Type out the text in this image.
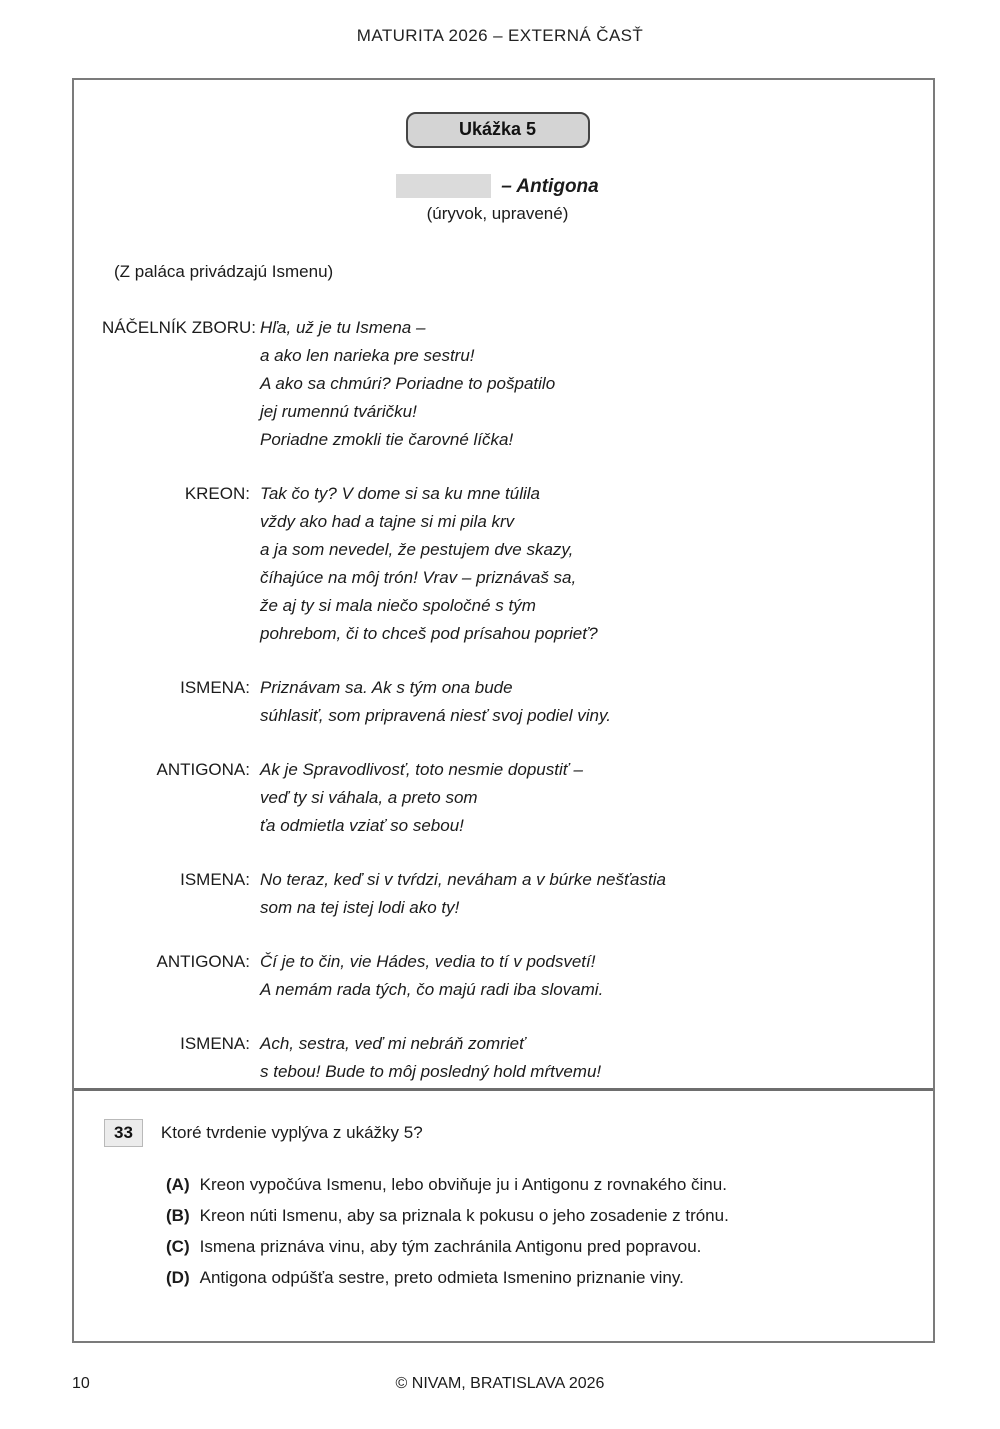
MATURITA 2026 – EXTERNÁ ČASŤ
Ukážka 5
– Antigona
(úryvok, upravené)
(Z paláca privádzajú Ismenu)
NÁČELNÍK ZBORU: Hľa, už je tu Ismena –
a ako len narieka pre sestru!
A ako sa chmúri? Poriadne to pošpatilo
jej rumennú tváričku!
Poriadne zmokli tie čarovné líčka!
KREON: Tak čo ty? V dome si sa ku mne túlila
vždy ako had a tajne si mi pila krv
a ja som nevedel, že pestujem dve skazy,
číhajúce na môj trón! Vrav – priznávaš sa,
že aj ty si mala niečo spoločné s tým
pohrebom, či to chceš pod prísahou poprieť?
ISMENA: Priznávam sa. Ak s tým ona bude
súhlasiť, som pripravená niesť svoj podiel viny.
ANTIGONA: Ak je Spravodlivosť, toto nesmie dopustiť –
veď ty si váhala, a preto som
ťa odmietla vziať so sebou!
ISMENA: No teraz, keď si v tvŕdzi, neváham a v búrke nešťastia
som na tej istej lodi ako ty!
ANTIGONA: Čí je to čin, vie Hádes, vedia to tí v podsvetí!
A nemám rada tých, čo majú radi iba slovami.
ISMENA: Ach, sestra, veď mi nebráň zomrieť
s tebou! Bude to môj posledný hold mŕtvemu!
33	Ktoré tvrdenie vyplýva z ukážky 5?
(A) Kreon vypočúva Ismenu, lebo obviňuje ju i Antigonu z rovnakého činu.
(B) Kreon núti Ismenu, aby sa priznala k pokusu o jeho zosadenie z trónu.
(C) Ismena priznáva vinu, aby tým zachránila Antigonu pred popravou.
(D) Antigona odpúšťa sestre, preto odmieta Ismenino priznanie viny.
10	© NIVAM, BRATISLAVA 2026
